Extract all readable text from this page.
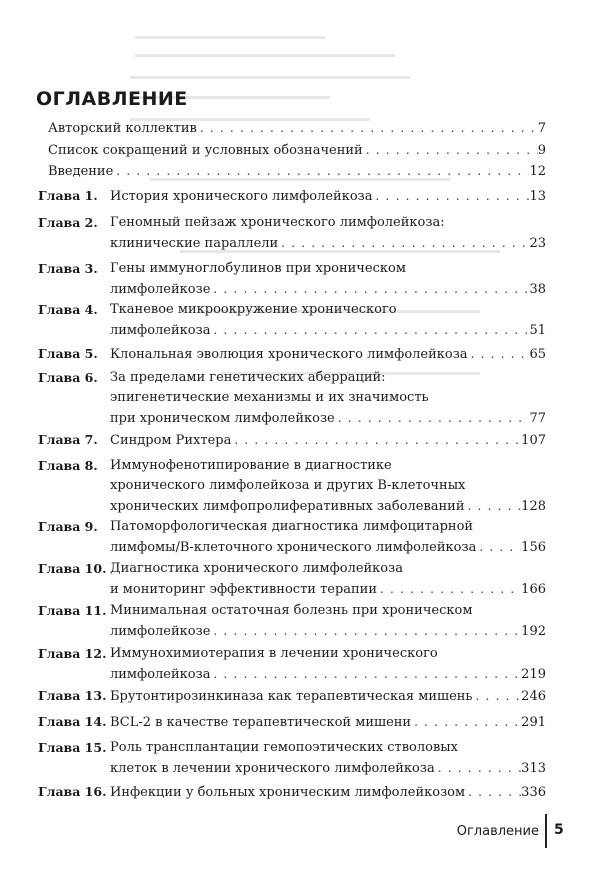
ОГЛАВЛЕНИЕ
Авторский коллектив . . .	7
Список сокращений и условных обозначений . . .	9
Введение . . .	12
Глава 1. История хронического лимфолейкоза . . .	13
Глава 2. Геномный пейзаж хронического лимфолейкоза:
клинические параллели . . .	23
Глава 3. Гены иммуноглобулинов при хроническом
лимфолейкозе . . .	38
Глава 4. Тканевое микроокружение хронического
лимфолейкоза . . .	51
Глава 5. Клональная эволюция хронического лимфолейкоза . . .	65
Глава 6. За пределами генетических аберраций:
эпигенетические механизмы и их значимость
при хроническом лимфолейкозе . . .	77
Глава 7. Синдром Рихтера . . .	107
Глава 8. Иммунофенотипирование в диагностике
хронического лимфолейкоза и других В-клеточных
хронических лимфопролиферативных заболеваний . . .	128
Глава 9. Патоморфологическая диагностика лимфоцитарной
лимфомы/В-клеточного хронического лимфолейкоза . . .	156
Глава 10. Диагностика хронического лимфолейкоза
и мониторинг эффективности терапии . . .	166
Глава 11. Минимальная остаточная болезнь при хроническом
лимфолейкозе . . .	192
Глава 12. Иммунохимиотерапия в лечении хронического
лимфолейкоза . . .	219
Глава 13. Брутонтирозинкиназа как терапевтическая мишень . . .	246
Глава 14. BCL-2 в качестве терапевтической мишени . . .	291
Глава 15. Роль трансплантации гемопоэтических стволовых
клеток в лечении хронического лимфолейкоза . . .	313
Глава 16. Инфекции у больных хроническим лимфолейкозом . . .	336
Оглавление 5
